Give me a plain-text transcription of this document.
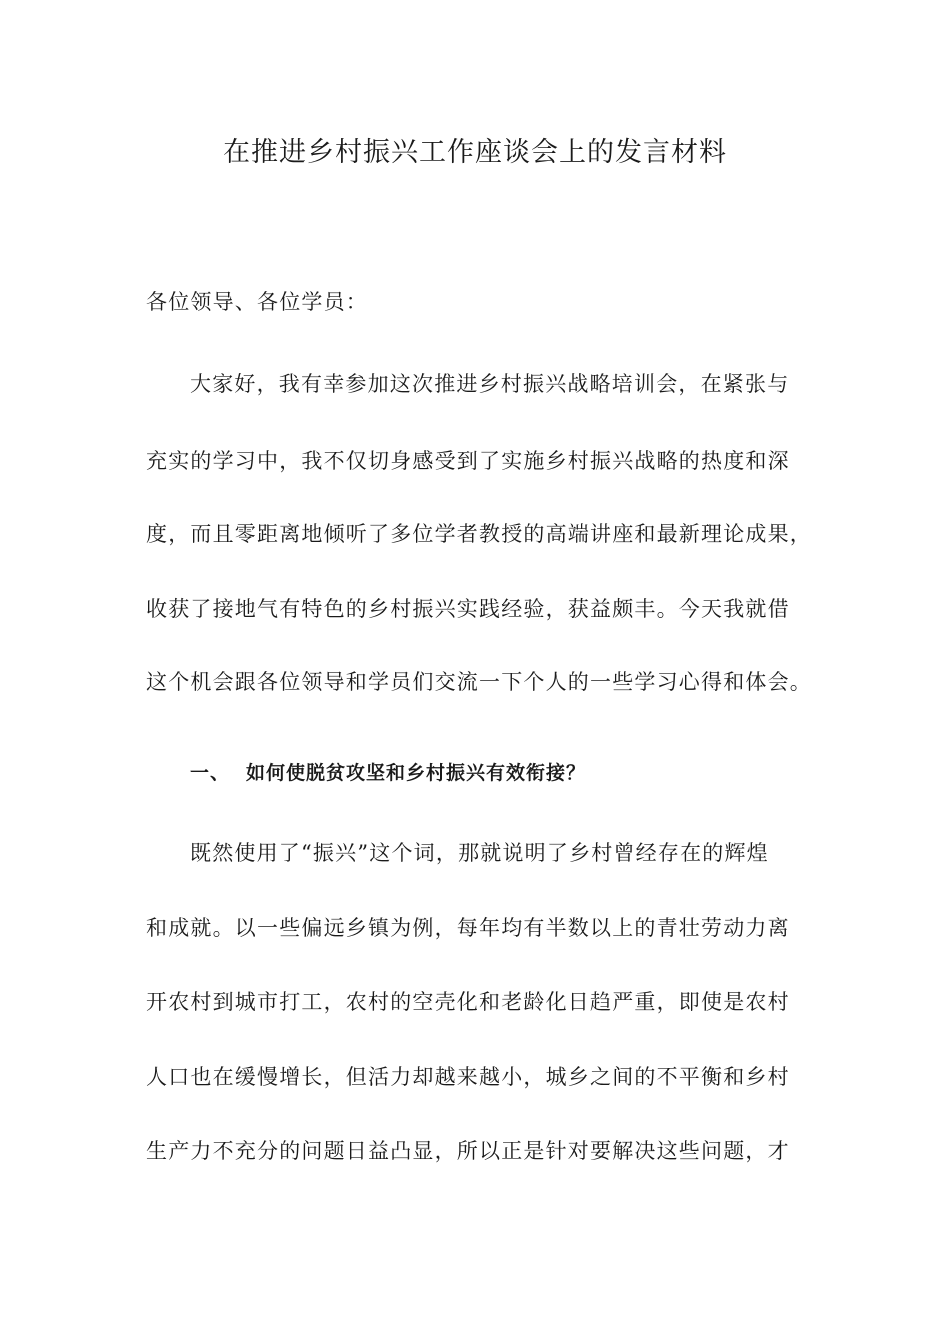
在推进乡村振兴工作座谈会上的发言材料
各位领导、各位学员：
大家好，我有幸参加这次推进乡村振兴战略培训会，在紧张与
充实的学习中，我不仅切身感受到了实施乡村振兴战略的热度和深
度，而且零距离地倾听了多位学者教授的高端讲座和最新理论成果，
收获了接地气有特色的乡村振兴实践经验，获益颇丰。今天我就借
这个机会跟各位领导和学员们交流一下个人的一些学习心得和体会。
一、 如何使脱贫攻坚和乡村振兴有效衔接？
既然使用了“振兴”这个词，那就说明了乡村曾经存在的辉煌
和成就。以一些偏远乡镇为例，每年均有半数以上的青壮劳动力离
开农村到城市打工，农村的空壳化和老龄化日趋严重，即使是农村
人口也在缓慢增长，但活力却越来越小，城乡之间的不平衡和乡村
生产力不充分的问题日益凸显，所以正是针对要解决这些问题，才
